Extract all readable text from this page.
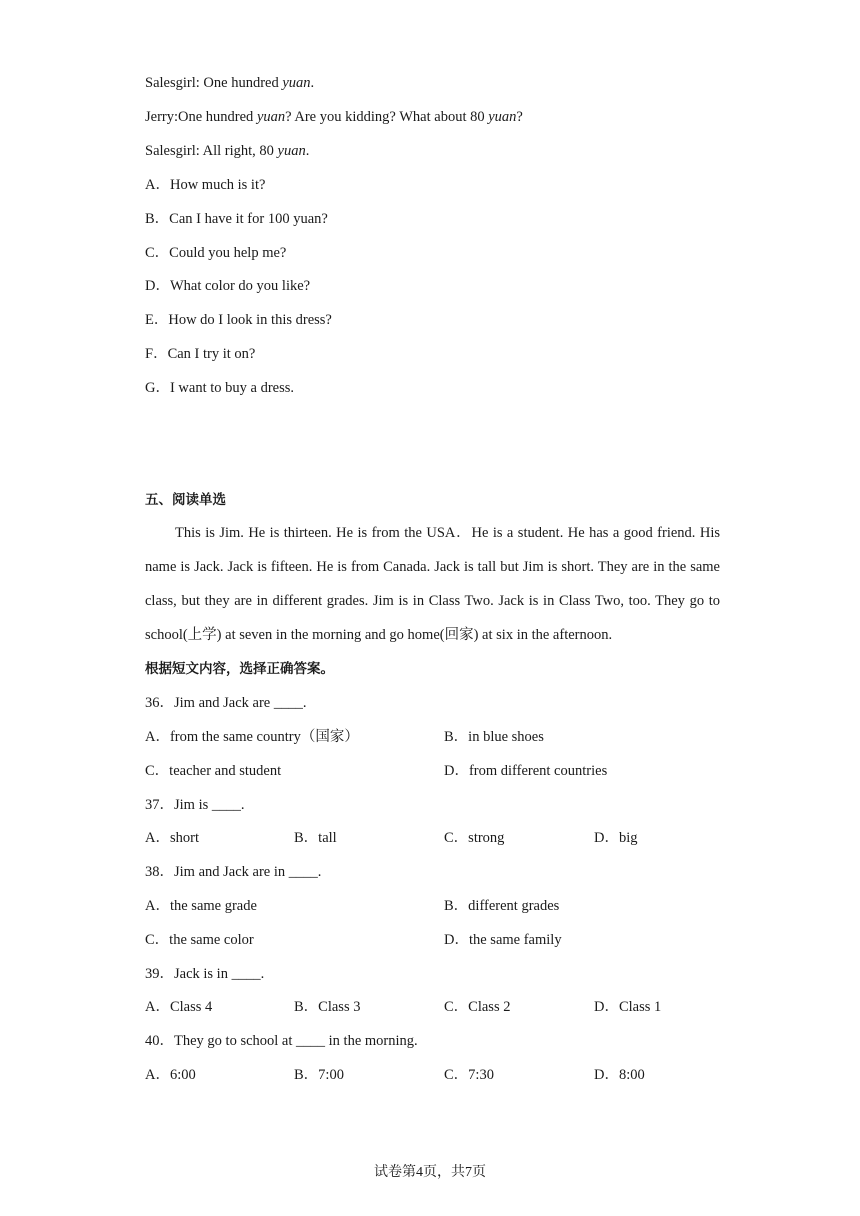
Salesgirl: One hundred yuan.
Jerry:One hundred yuan? Are you kidding? What about 80 yuan?
Salesgirl: All right, 80 yuan.
A．How much is it?
B．Can I have it for 100 yuan?
C．Could you help me?
D．What color do you like?
E．How do I look in this dress?
F．Can I try it on?
G．I want to buy a dress.
五、阅读单选
This is Jim. He is thirteen. He is from the USA．He is a student. He has a good friend. His name is Jack. Jack is fifteen. He is from Canada. Jack is tall but Jim is short. They are in the same class, but they are in different grades. Jim is in Class Two. Jack is in Class Two, too. They go to school(上学) at seven in the morning and go home(回家) at six in the afternoon.
根据短文内容，选择正确答案。
36．Jim and Jack are ____.
A．from the same country（国家）	B．in blue shoes
C．teacher and student	D．from different countries
37．Jim is ____.
A．short	B．tall	C．strong	D．big
38．Jim and Jack are in ____.
A．the same grade	B．different grades
C．the same color	D．the same family
39．Jack is in ____.
A．Class 4	B．Class 3	C．Class 2	D．Class 1
40．They go to school at ____ in the morning.
A．6:00	B．7:00	C．7:30	D．8:00
试卷第4页，共7页
